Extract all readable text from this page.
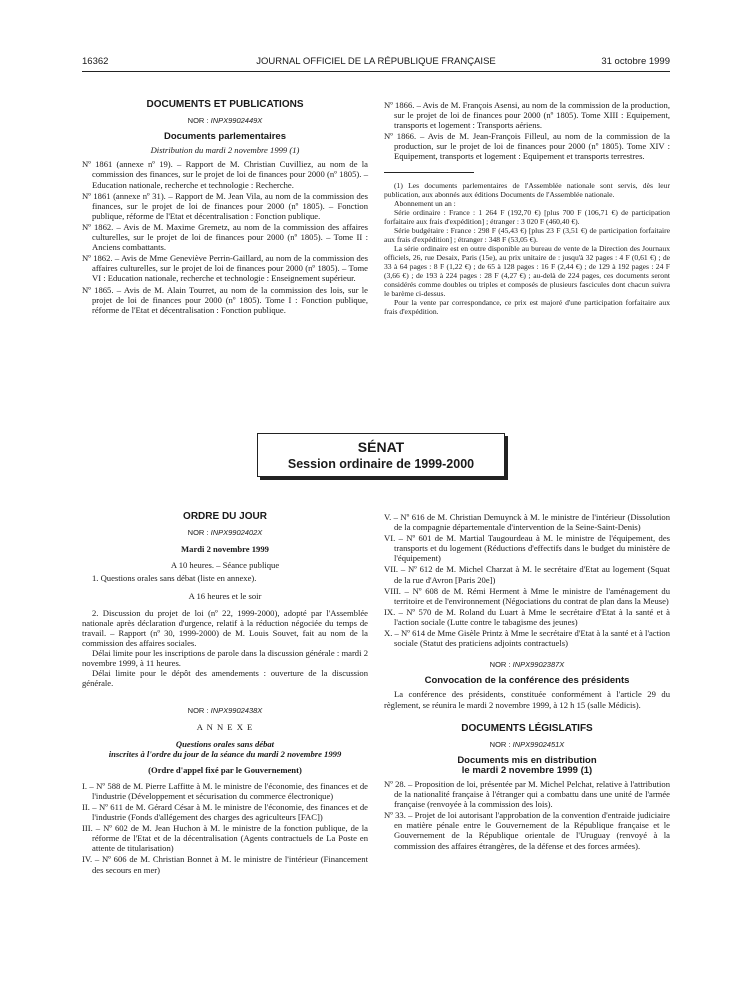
16362	JOURNAL OFFICIEL DE LA RÉPUBLIQUE FRANÇAISE	31 octobre 1999
DOCUMENTS ET PUBLICATIONS
NOR : INPX9902449X
Documents parlementaires
Distribution du mardi 2 novembre 1999 (1)
Nº 1861 (annexe nº 19). – Rapport de M. Christian Cuvilliez, au nom de la commission des finances, sur le projet de loi de finances pour 2000 (nº 1805). – Education nationale, recherche et technologie : Recherche.
Nº 1861 (annexe nº 31). – Rapport de M. Jean Vila, au nom de la commission des finances, sur le projet de loi de finances pour 2000 (nº 1805). – Fonction publique, réforme de l'Etat et décentralisation : Fonction publique.
Nº 1862. – Avis de M. Maxime Gremetz, au nom de la commission des affaires culturelles, sur le projet de loi de finances pour 2000 (nº 1805). – Tome II : Anciens combattants.
Nº 1862. – Avis de Mme Geneviève Perrin-Gaillard, au nom de la commission des affaires culturelles, sur le projet de loi de finances pour 2000 (nº 1805). – Tome VI : Education nationale, recherche et technologie : Enseignement supérieur.
Nº 1865. – Avis de M. Alain Tourret, au nom de la commission des lois, sur le projet de loi de finances pour 2000 (nº 1805). Tome I : Fonction publique, réforme de l'Etat et décentralisation : Fonction publique.
Nº 1866. – Avis de M. François Asensi, au nom de la commission de la production, sur le projet de loi de finances pour 2000 (nº 1805). Tome XIII : Equipement, transports et logement : Transports aériens.
Nº 1866. – Avis de M. Jean-François Filleul, au nom de la commission de la production, sur le projet de loi de finances pour 2000 (nº 1805). Tome XIV : Equipement, transports et logement : Equipement et transports terrestres.

(1) Les documents parlementaires de l'Assemblée nationale sont servis, dès leur publication, aux abonnés aux éditions Documents de l'Assemblée nationale.

Abonnement un an :

Série ordinaire : France : 1 264 F (192,70 €) [plus 700 F (106,71 €) de participation forfaitaire aux frais d'expédition] ; étranger : 3 020 F (460,40 €).

Série budgétaire : France : 298 F (45,43 €) [plus 23 F (3,51 €) de participation forfaitaire aux frais d'expédition] ; étranger : 348 F (53,05 €).

La série ordinaire est en outre disponible au bureau de vente de la Direction des Journaux officiels, 26, rue Desaix, Paris (15e), au prix unitaire de : jusqu'à 32 pages : 4 F (0,61 €) ; de 33 à 64 pages : 8 F (1,22 €) ; de 65 à 128 pages : 16 F (2,44 €) ; de 129 à 192 pages : 24 F (3,66 €) ; de 193 à 224 pages : 28 F (4,27 €) ; au-delà de 224 pages, ces documents seront considérés comme doubles ou triples et composés de plusieurs fascicules dont chacun suivra le barème ci-dessus.

Pour la vente par correspondance, ce prix est majoré d'une participation forfaitaire aux frais d'expédition.

SÉNAT
Session ordinaire de 1999-2000
ORDRE DU JOUR
NOR : INPX9902402X
Mardi 2 novembre 1999
A 10 heures. – Séance publique

1. Questions orales sans débat (liste en annexe).

A 16 heures et le soir

2. Discussion du projet de loi (nº 22, 1999-2000), adopté par l'Assemblée nationale après déclaration d'urgence, relatif à la réduction négociée du temps de travail. – Rapport (nº 30, 1999-2000) de M. Louis Souvet, fait au nom de la commission des affaires sociales.

Délai limite pour les inscriptions de parole dans la discussion générale : mardi 2 novembre 1999, à 11 heures.

Délai limite pour le dépôt des amendements : ouverture de la discussion générale.

NOR : INPX9902438X
A N N E X E
Questions orales sans débat
inscrites à l'ordre du jour de la séance du mardi 2 novembre 1999
(Ordre d'appel fixé par le Gouvernement)
I. – Nº 588 de M. Pierre Laffitte à M. le ministre de l'économie, des finances et de l'industrie (Développement et sécurisation du commerce électronique)
II. – Nº 611 de M. Gérard César à M. le ministre de l'économie, des finances et de l'industrie (Fonds d'allégement des charges des agriculteurs [FAC])
III. – Nº 602 de M. Jean Huchon à M. le ministre de la fonction publique, de la réforme de l'Etat et de la décentralisation (Agents contractuels de La Poste en attente de titularisation)
IV. – Nº 606 de M. Christian Bonnet à M. le ministre de l'intérieur (Financement des secours en mer)
V. – Nº 616 de M. Christian Demuynck à M. le ministre de l'intérieur (Dissolution de la compagnie départementale d'intervention de la Seine-Saint-Denis)
VI. – Nº 601 de M. Martial Taugourdeau à M. le ministre de l'équipement, des transports et du logement (Réductions d'effectifs dans le budget du ministère de l'équipement)
VII. – Nº 612 de M. Michel Charzat à M. le secrétaire d'Etat au logement (Squat de la rue d'Avron [Paris 20e])
VIII. – Nº 608 de M. Rémi Herment à Mme le ministre de l'aménagement du territoire et de l'environnement (Négociations du contrat de plan dans la Meuse)
IX. – Nº 570 de M. Roland du Luart à Mme le secrétaire d'Etat à la santé et à l'action sociale (Lutte contre le tabagisme des jeunes)
X. – Nº 614 de Mme Gisèle Printz à Mme le secrétaire d'Etat à la santé et à l'action sociale (Statut des praticiens adjoints contractuels)
NOR : INPX9902387X
Convocation de la conférence des présidents

La conférence des présidents, constituée conformément à l'article 29 du règlement, se réunira le mardi 2 novembre 1999, à 12 h 15 (salle Médicis).

DOCUMENTS LÉGISLATIFS
NOR : INPX9902451X
Documents mis en distribution
le mardi 2 novembre 1999 (1)
Nº 28. – Proposition de loi, présentée par M. Michel Pelchat, relative à l'attribution de la nationalité française à l'étranger qui a combattu dans une unité de l'armée française (renvoyée à la commission des lois).
Nº 33. – Projet de loi autorisant l'approbation de la convention d'entraide judiciaire en matière pénale entre le Gouvernement de la République française et le Gouvernement de la République orientale de l'Uruguay (renvoyé à la commission des affaires étrangères, de la défense et des forces armées).
